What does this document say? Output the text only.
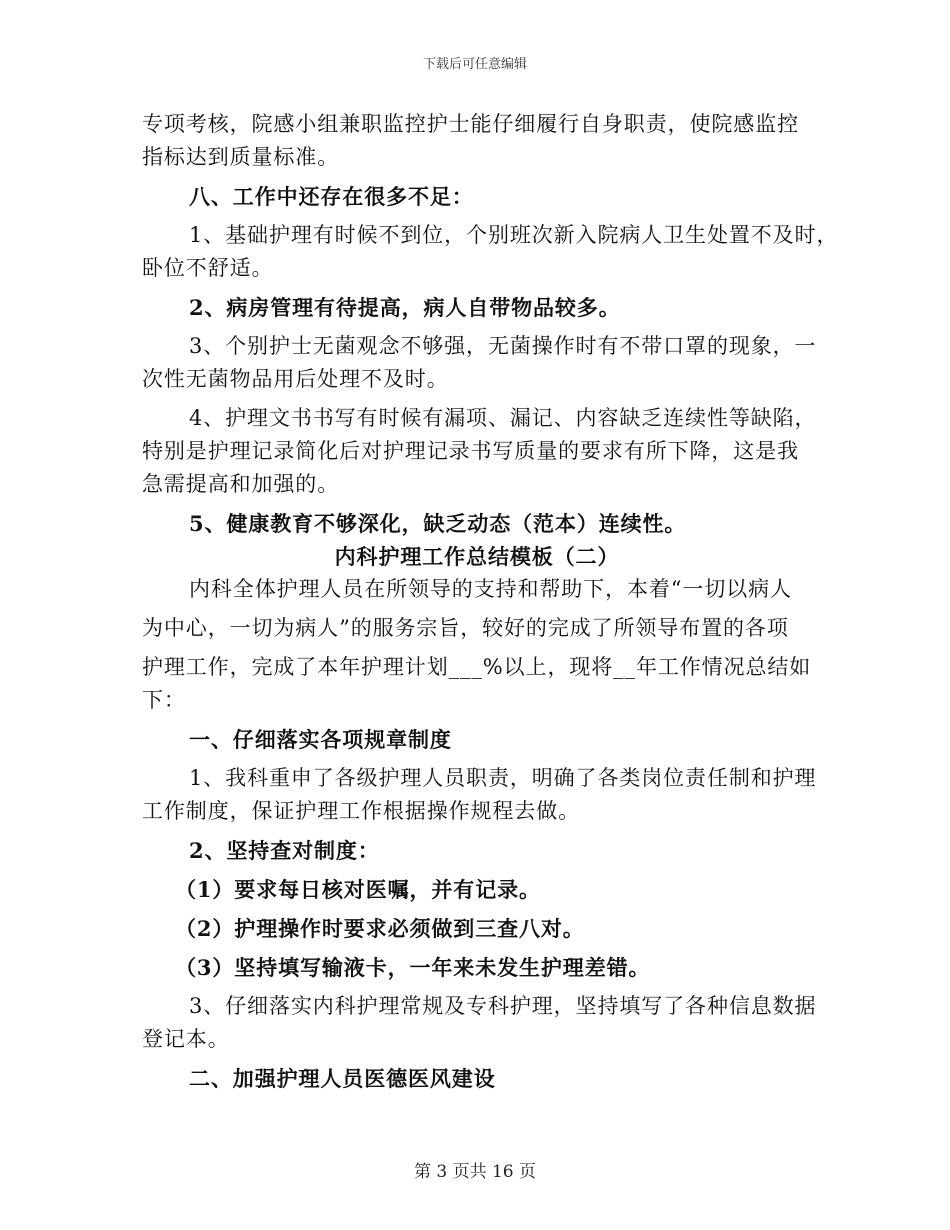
下载后可任意编辑
专项考核，院感小组兼职监控护士能仔细履行自身职责，使院感监控
指标达到质量标准。
八、工作中还存在很多不足：
1、基础护理有时候不到位，个别班次新入院病人卫生处置不及时，
卧位不舒适。
2、病房管理有待提高，病人自带物品较多。
3、个别护士无菌观念不够强，无菌操作时有不带口罩的现象，一
次性无菌物品用后处理不及时。
4、护理文书书写有时候有漏项、漏记、内容缺乏连续性等缺陷，
特别是护理记录简化后对护理记录书写质量的要求有所下降，这是我
急需提高和加强的。
5、健康教育不够深化，缺乏动态（范本）连续性。
内科护理工作总结模板（二）
内科全体护理人员在所领导的支持和帮助下，本着“一切以病人
为中心，一切为病人”的服务宗旨，较好的完成了所领导布置的各项
护理工作，完成了本年护理计划___%以上，现将__年工作情况总结如
下：
一、仔细落实各项规章制度
1、我科重申了各级护理人员职责，明确了各类岗位责任制和护理
工作制度，保证护理工作根据操作规程去做。
2、坚持查对制度：
（1）要求每日核对医嘱，并有记录。
（2）护理操作时要求必须做到三查八对。
（3）坚持填写输液卡，一年来未发生护理差错。
3、仔细落实内科护理常规及专科护理，坚持填写了各种信息数据
登记本。
二、加强护理人员医德医风建设
第 3 页共 16 页
